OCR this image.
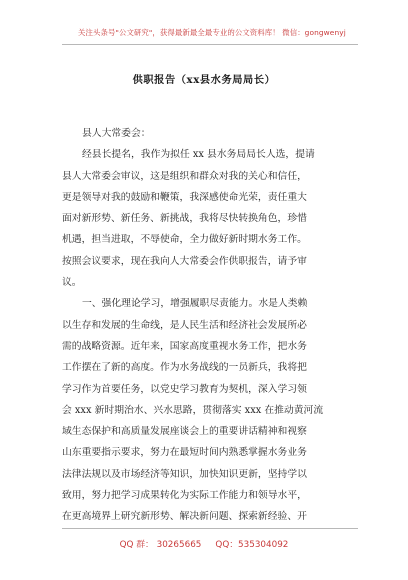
关注头条号"公文研究"，获得最新最全最专业的公文资料库！ 微信：gongwenyj
供职报告（xx县水务局局长）
县人大常委会：
经县长提名，我作为拟任 xx 县水务局局长人选，提请
县人大常委会审议，这是组织和群众对我的关心和信任，
更是领导对我的鼓励和鞭策，我深感使命光荣，责任重大
面对新形势、新任务、新挑战，我将尽快转换角色，珍惜
机遇，担当进取，不辱使命，全力做好新时期水务工作。
按照会议要求，现在我向人大常委会作供职报告，请予审
议。
一、强化理论学习，增强履职尽责能力。水是人类赖
以生存和发展的生命线，是人民生活和经济社会发展所必
需的战略资源。近年来，国家高度重视水务工作，把水务
工作摆在了新的高度。作为水务战线的一员新兵，我将把
学习作为首要任务，以党史学习教育为契机，深入学习领
会 xxx 新时期治水、兴水思路，贯彻落实 xxx 在推动黄河流
域生态保护和高质量发展座谈会上的重要讲话精神和视察
山东重要指示要求，努力在最短时间内熟悉掌握水务业务
法律法规以及市场经济等知识，加快知识更新，坚持学以
致用，努力把学习成果转化为实际工作能力和领导水平，
在更高境界上研究新形势、解决新问题、探索新经验、开
QQ 群： 30265665 QQ：535304092
